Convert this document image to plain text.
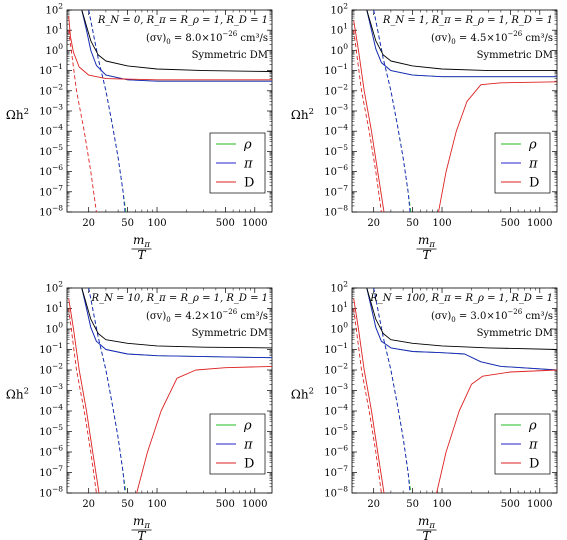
$10^{-8}$
$10^{-7}$
$10^{-6}$
$10^{-5}$
$10^{-4}$
$10^{-3}$
$10^{-2}$
$10^{-1}$
$10^0$
$10^1$
$10^2$
20	50 100	500 1000
R_N = 0, R_π = R_ρ = 1, R_D = 1
$(\sigma v)_0 = 8.0\times 10^{-26}$ cm³/s
Symmetric DM
ρ
π
D
$\Omega h^2$
$m_\pi$
T
$10^{-8}$
$10^{-7}$
$10^{-6}$
$10^{-5}$
$10^{-4}$
$10^{-3}$
$10^{-2}$
$10^{-1}$
$10^0$
$10^1$
$10^2$
20	50 100	500 1000
R_N = 1, R_π = R_ρ = 1, R_D = 1
$(\sigma v)_0 = 4.5\times 10^{-26}$ cm³/s
Symmetric DM
ρ
π
D
$\Omega h^2$
$m_\pi$
T
$10^{-8}$
$10^{-7}$
$10^{-6}$
$10^{-5}$
$10^{-4}$
$10^{-3}$
$10^{-2}$
$10^{-1}$
$10^0$
$10^1$
$10^2$
20	50 100	500 1000
R_N = 10, R_π = R_ρ = 1, R_D = 1
$(\sigma v)_0 = 4.2\times 10^{-26}$ cm³/s
Symmetric DM
ρ
π
D
$\Omega h^2$
$m_\pi$
T
$10^{-8}$
$10^{-7}$
$10^{-6}$
$10^{-5}$
$10^{-4}$
$10^{-3}$
$10^{-2}$
$10^{-1}$
$10^0$
$10^1$
$10^2$
20	50 100	500 1000
R_N = 100, R_π = R_ρ = 1, R_D = 1
$(\sigma v)_0 = 3.0\times 10^{-26}$ cm³/s
Symmetric DM
ρ
π
D
$\Omega h^2$
$m_\pi$
T
